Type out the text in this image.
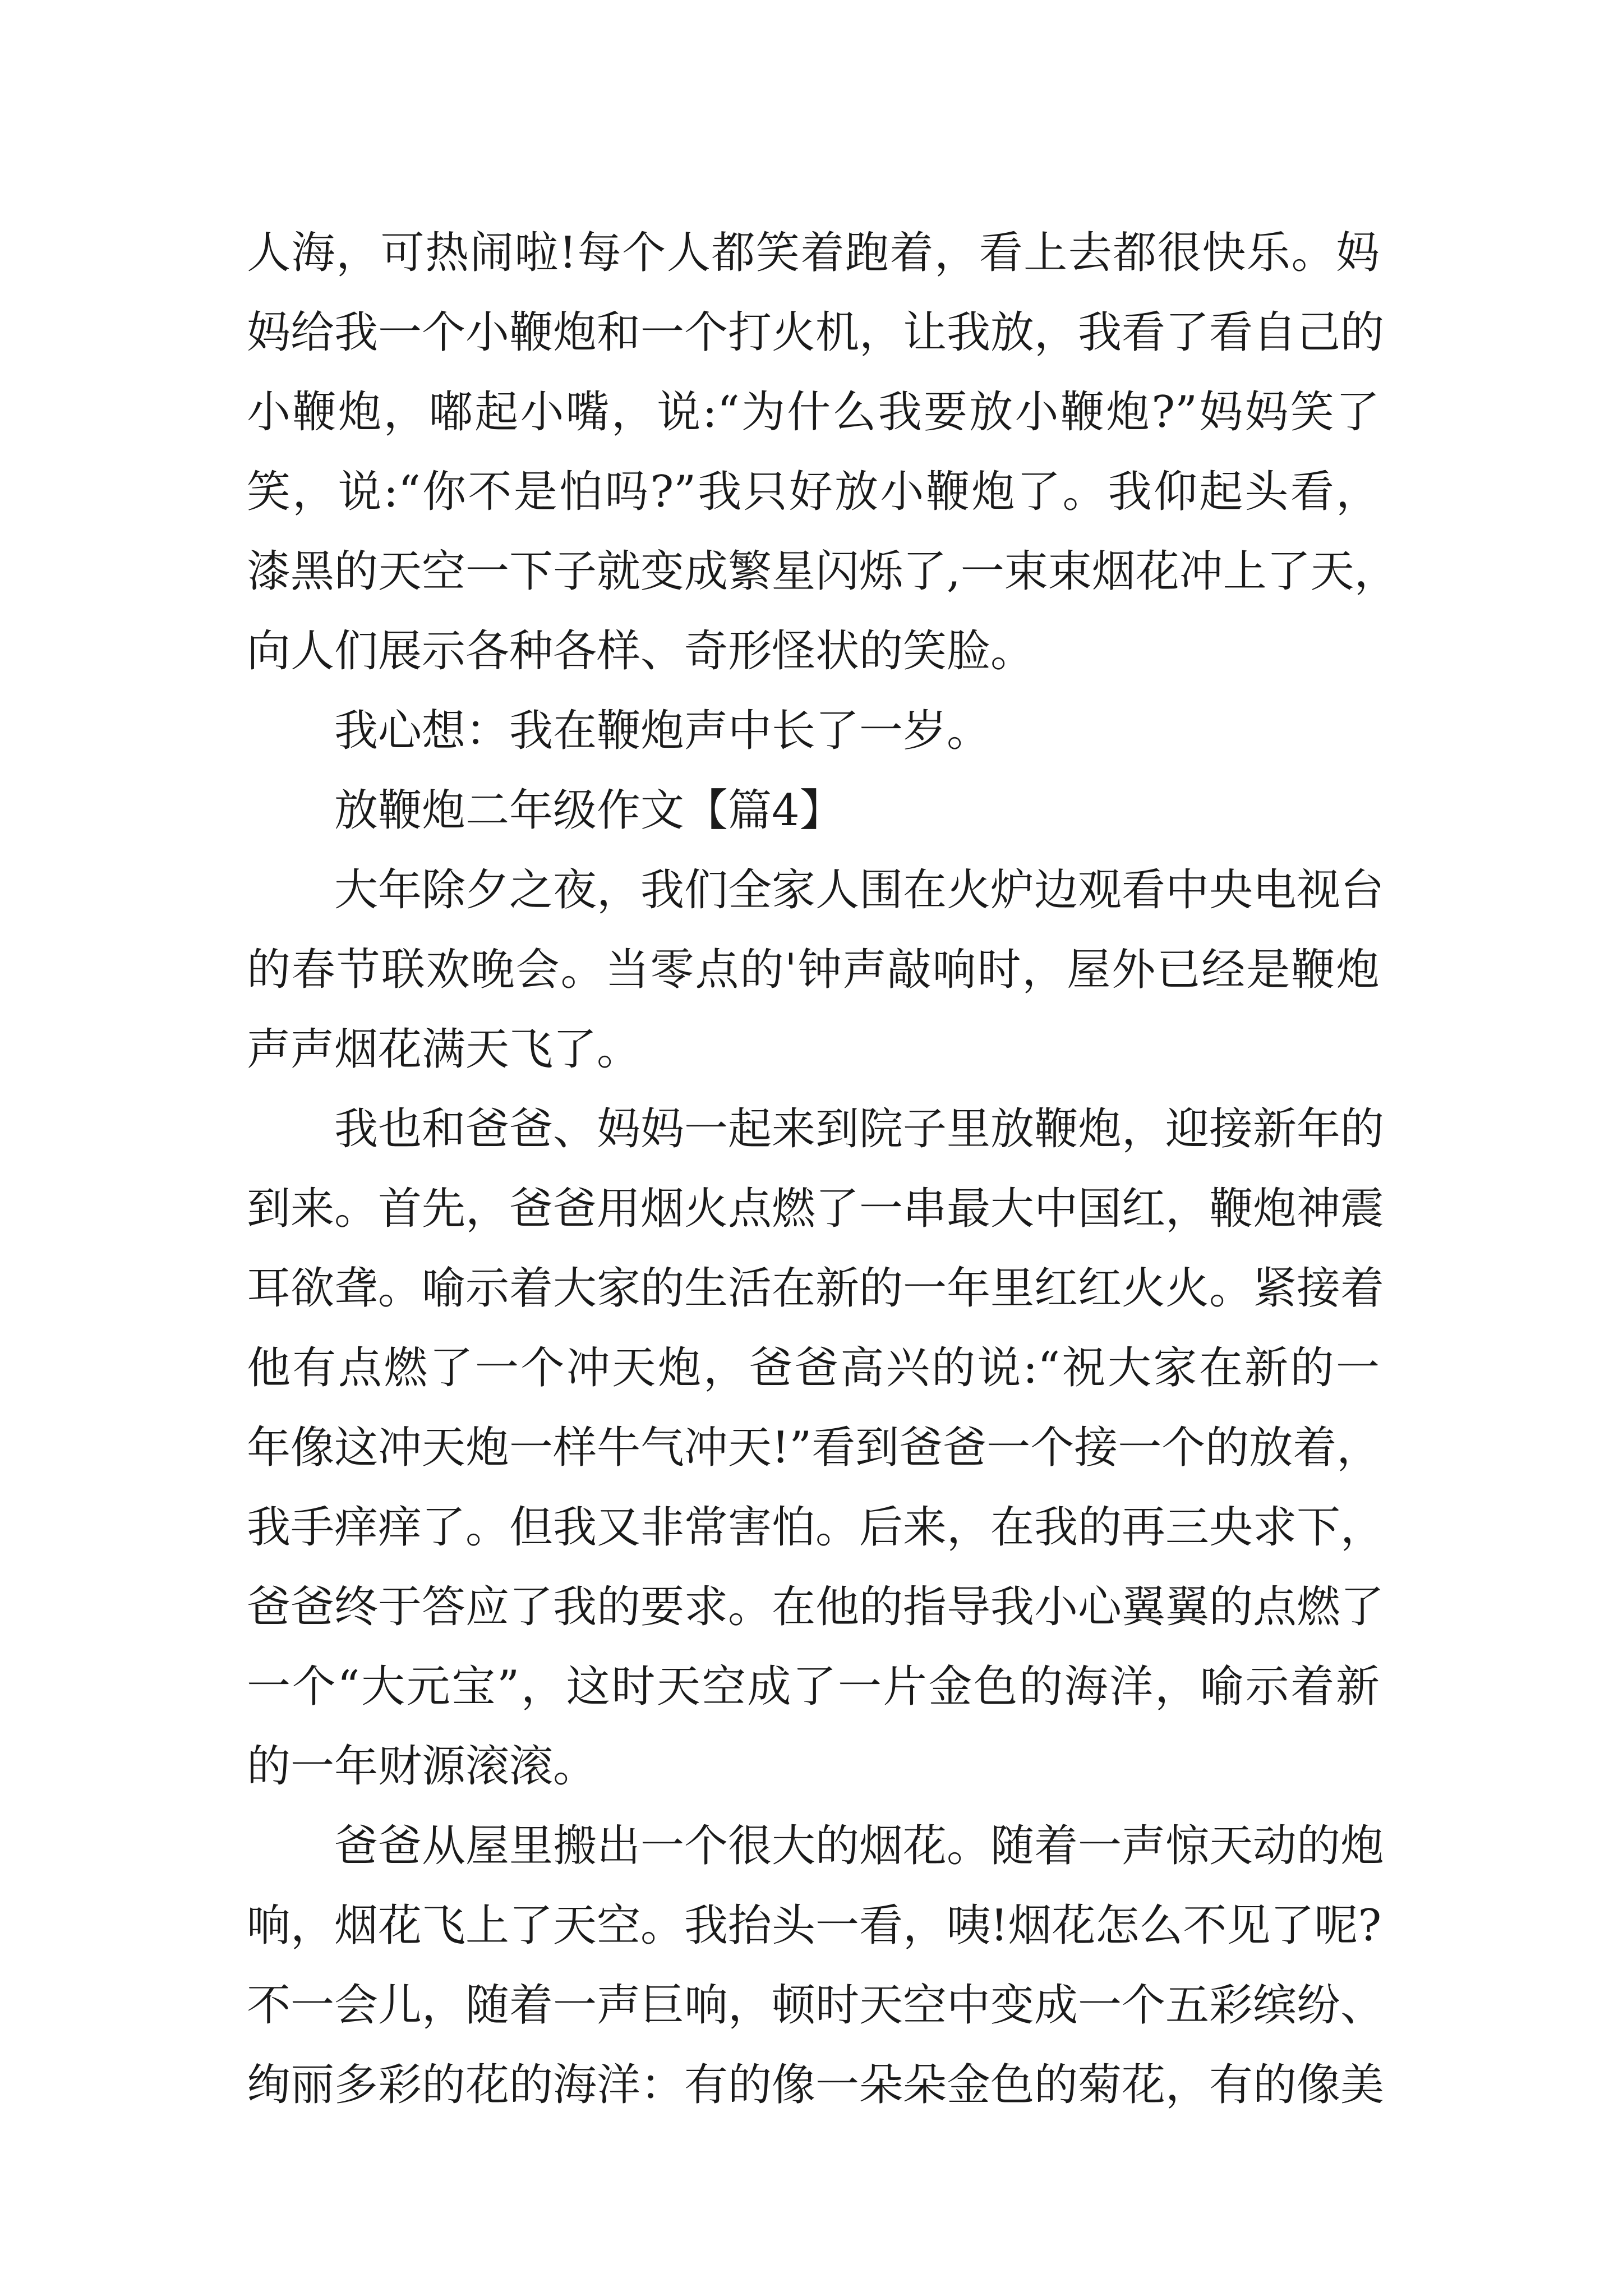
人海，可热闹啦!每个人都笑着跑着，看上去都很快乐。妈
妈给我一个小鞭炮和一个打火机，让我放，我看了看自己的
小鞭炮，嘟起小嘴，说:“为什么我要放小鞭炮?”妈妈笑了
笑，说:“你不是怕吗?”我只好放小鞭炮了。我仰起头看，
漆黑的天空一下子就变成繁星闪烁了,一束束烟花冲上了天，
向人们展示各种各样、奇形怪状的笑脸。
我心想：我在鞭炮声中长了一岁。
放鞭炮二年级作文【篇4】
大年除夕之夜，我们全家人围在火炉边观看中央电视台
的春节联欢晚会。当零点的'钟声敲响时，屋外已经是鞭炮
声声烟花满天飞了。
我也和爸爸、妈妈一起来到院子里放鞭炮，迎接新年的
到来。首先，爸爸用烟火点燃了一串最大中国红，鞭炮神震
耳欲聋。喻示着大家的生活在新的一年里红红火火。紧接着
他有点燃了一个冲天炮，爸爸高兴的说:“祝大家在新的一
年像这冲天炮一样牛气冲天!”看到爸爸一个接一个的放着，
我手痒痒了。但我又非常害怕。后来，在我的再三央求下，
爸爸终于答应了我的要求。在他的指导我小心翼翼的点燃了
一个“大元宝”，这时天空成了一片金色的海洋，喻示着新
的一年财源滚滚。
爸爸从屋里搬出一个很大的烟花。随着一声惊天动的炮
响，烟花飞上了天空。我抬头一看，咦!烟花怎么不见了呢?
不一会儿，随着一声巨响，顿时天空中变成一个五彩缤纷、
绚丽多彩的花的海洋：有的像一朵朵金色的菊花，有的像美
